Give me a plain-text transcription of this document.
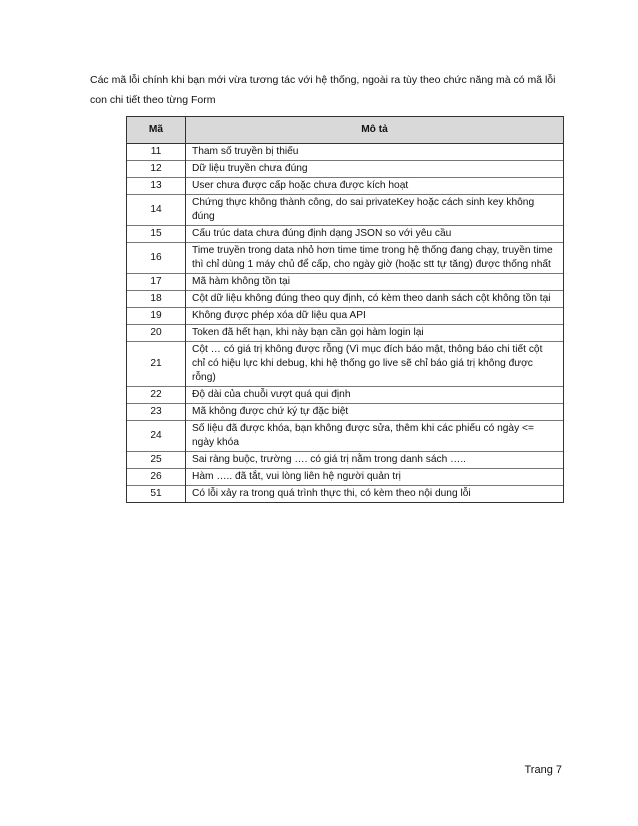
Các mã lỗi chính khi bạn mới vừa tương tác với hệ thống, ngoài ra tùy theo chức năng mà có mã lỗi
con chi tiết theo từng Form
Mã	Mô tả
11	Tham số truyền bị thiếu
12	Dữ liệu truyền chưa đúng
13	User chưa được cấp hoặc chưa được kích hoạt
14	Chứng thực không thành công, do sai privateKey hoặc cách sinh key không đúng
15	Cấu trúc data chưa đúng định dạng JSON so với yêu cầu
16	Time truyền trong data nhỏ hơn time time trong hệ thống đang chạy, truyền time thì chỉ dùng 1 máy chủ để cấp, cho ngày giờ (hoặc stt tự tăng) được thống nhất
17	Mã hàm không tồn tại
18	Cột dữ liệu không đúng theo quy định, có kèm theo danh sách cột không tồn tại
19	Không được phép xóa dữ liệu qua API
20	Token đã hết hạn, khi này bạn cần gọi hàm login lại
21	Cột … có giá trị không được rỗng (Vì mục đích báo mật, thông báo chi tiết cột chỉ có hiệu lực khi debug, khi hệ thống go live sẽ chỉ báo giá trị không được rỗng)
22	Độ dài của chuỗi vượt quá qui định
23	Mã không được chứ ký tự đặc biệt
24	Số liệu đã được khóa, bạn không được sửa, thêm khi các phiếu có ngày <= ngày khóa
25	Sai ràng buộc, trường …. có giá trị nằm trong danh sách …..
26	Hàm ….. đã tắt, vui lòng liên hệ người quản trị
51	Có lỗi xảy ra trong quá trình thực thi, có kèm theo nội dung lỗi
Trang 7
